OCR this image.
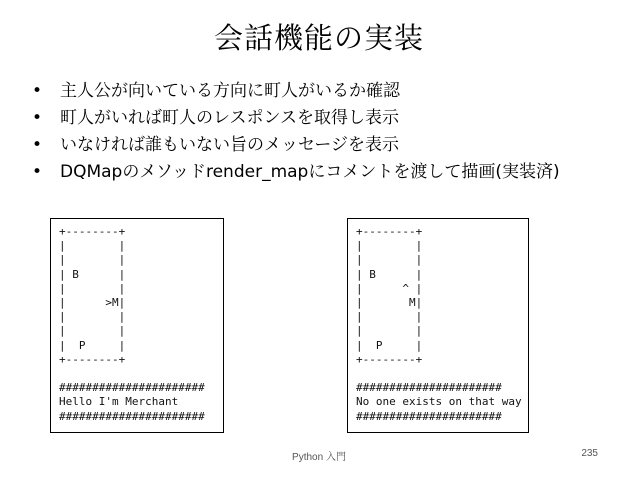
会話機能の実装
• 主人公が向いている方向に町人がいるか確認
• 町人がいれば町人のレスポンスを取得し表示
• いなければ誰もいない旨のメッセージを表示
• DQMapのメソッドrender_mapにコメントを渡して描画(実装済)
+--------+
|        |
|        |
| B      |
|        |
|      >M|
|        |
|        |
|  P     |
+--------+

######################
Hello I'm Merchant
######################
+--------+
|        |
|        |
| B      |
|      ^ |
|       M|
|        |
|        |
|  P     |
+--------+

######################
No one exists on that way
######################
Python 入門	235
